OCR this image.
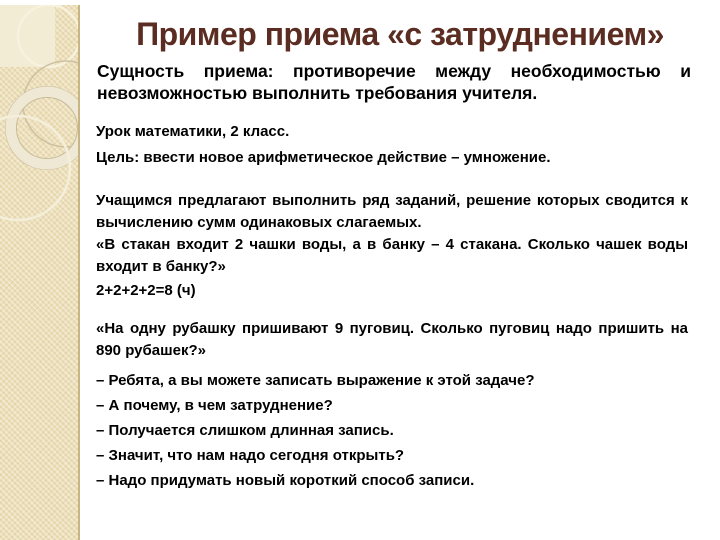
Пример приема «с затруднением»

Сущность приема: противоречие между необходимостью и невозможностью выполнить требования учителя.

Урок математики, 2 класс.

Цель: ввести новое арифметическое действие – умножение.

Учащимся предлагают выполнить ряд заданий, решение которых сводится к вычислению сумм одинаковых слагаемых.

«В стакан входит 2 чашки воды, а в банку – 4 стакана. Сколько чашек воды входит в банку?»

2+2+2+2=8 (ч)

«На одну рубашку пришивают 9 пуговиц. Сколько пуговиц надо пришить на 890 рубашек?»

– Ребята, а вы можете записать выражение к этой задаче?

– А почему, в чем затруднение?

– Получается слишком длинная запись.

– Значит, что нам надо сегодня открыть?

– Надо придумать новый короткий способ записи.
